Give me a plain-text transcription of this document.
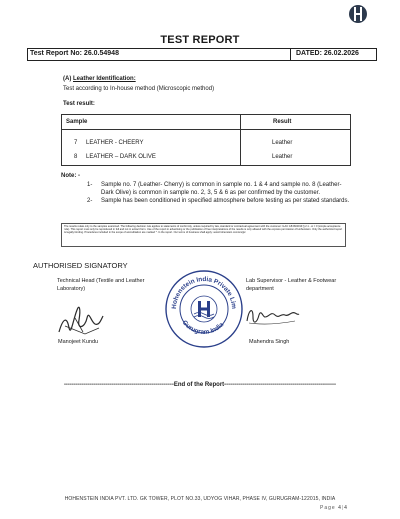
TEST REPORT
Test Report No: 26.0.54948	DATED: 26.02.2026
(A) Leather Identification:
Test according to In-house method (Microscopic method)
Test result:
Sample	Result
7 LEATHER - CHEERY	Leather
8 LEATHER – DARK OLIVE	Leather
Note: -
1- Sample no. 7 (Leather- Cherry) is common in sample no. 1 & 4 and sample no. 8 (Leather- Dark Olive) is common in sample no. 2, 3, 5 & 6 as per confirmed by the customer.
2- Sample has been conditioned in specified atmosphere before testing as per stated standards.
The results relate only to the samples examined. The following decision rule applies to statements of conformity, unless required by law, standard or contractual agreement with the customer: ILAC G8:09/2019 § 2.1 - w = 0 (simple acceptance rule). This report must only be reproduced in full and not in extract form. Use of the report in advertising or the publication of free interpretations of the results is only allowed with the express permission of Hohenstein. Only the authorized report is legally binding. Procedures included in the scope of accreditation are marked *. In the report. Our terms of business shall apply: www.hohenstein.com/en/gtc
AUTHORISED SIGNATORY
Technical Head (Textile and Leather Laboratory)
Lab Supervisor - Leather & Footwear department
Hohenstein India Private Lim
Gurugram India
Manojeet Kundu	Mahendra Singh
-------------------------------------------------------End of the Report--------------------------------------------------------
HOHENSTEIN INDIA PVT. LTD. GK TOWER, PLOT NO.33, UDYOG VIHAR, PHASE IV, GURUGRAM-122015, INDIA
Page 4|4
